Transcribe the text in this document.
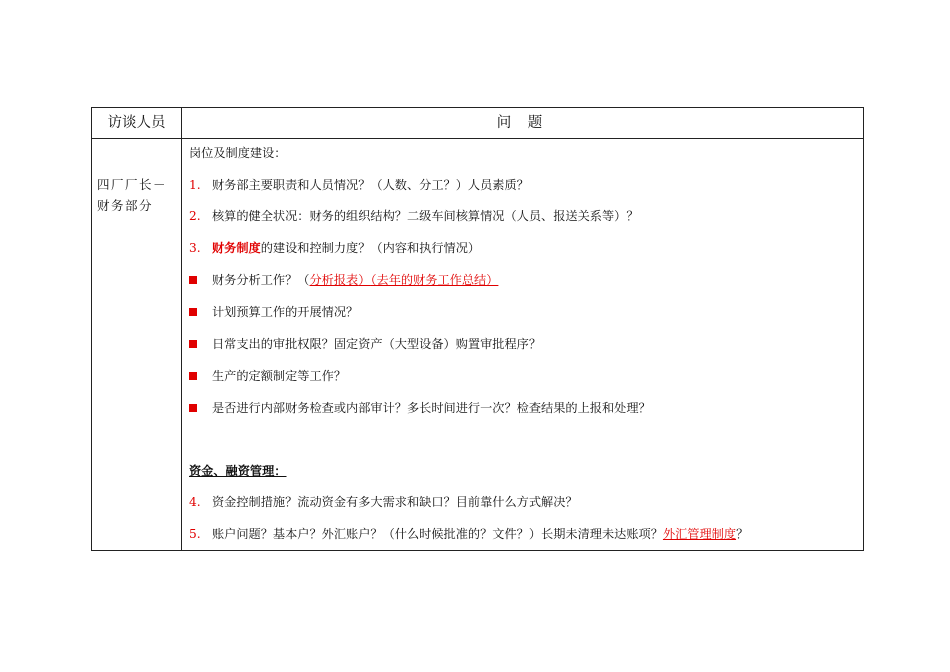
访谈人员	问 题
四厂厂长－
财务部分
岗位及制度建设：
1. 财务部主要职责和人员情况？（人数、分工？）人员素质？
2. 核算的健全状况：财务的组织结构？二级车间核算情况（人员、报送关系等）？
3. 财务制度的建设和控制力度？（内容和执行情况）
财务分析工作？（分析报表）（去年的财务工作总结）
计划预算工作的开展情况？
日常支出的审批权限？固定资产（大型设备）购置审批程序？
生产的定额制定等工作？
是否进行内部财务检查或内部审计？多长时间进行一次？检查结果的上报和处理？
资金、融资管理：
4. 资金控制措施？流动资金有多大需求和缺口？目前靠什么方式解决？
5. 账户问题？基本户？外汇账户？（什么时候批准的？文件？）长期未清理未达账项？外汇管理制度？
